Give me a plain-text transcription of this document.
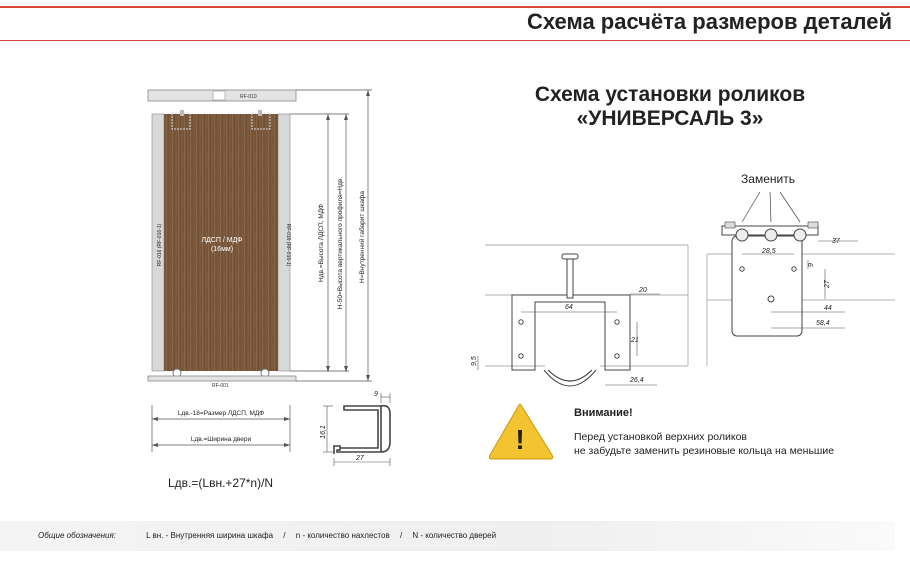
Схема расчёта размеров деталей
RF-010
RF-001
ЛДСП / МДФ
(16мм)
RF-016 (RF-016-1)	RF-016 (RF-016-1)	Hдв.=Высота ЛДСП, МДФ H-50=Высота вертикального профиля=Hдв. H=Внутренний габарит шкафа
Lдв.-18=Размер ЛДСП, МДФ
Lдв.=Ширина двери
9
16,1
27
20
64
21
9,5
26,4
Заменить
37
28,5
9
27
44
58,4
!
Схема установки роликов
«УНИВЕРСАЛЬ 3»
Lдв.=(Lвн.+27*n)/N
Внимание!
Перед установкой верхних роликов
не забудьте заменить резиновые кольца на меньшие
Общие обозначения:	L вн. - Внутренняя ширина шкафа / n - количество нахлестов / N - количество дверей
